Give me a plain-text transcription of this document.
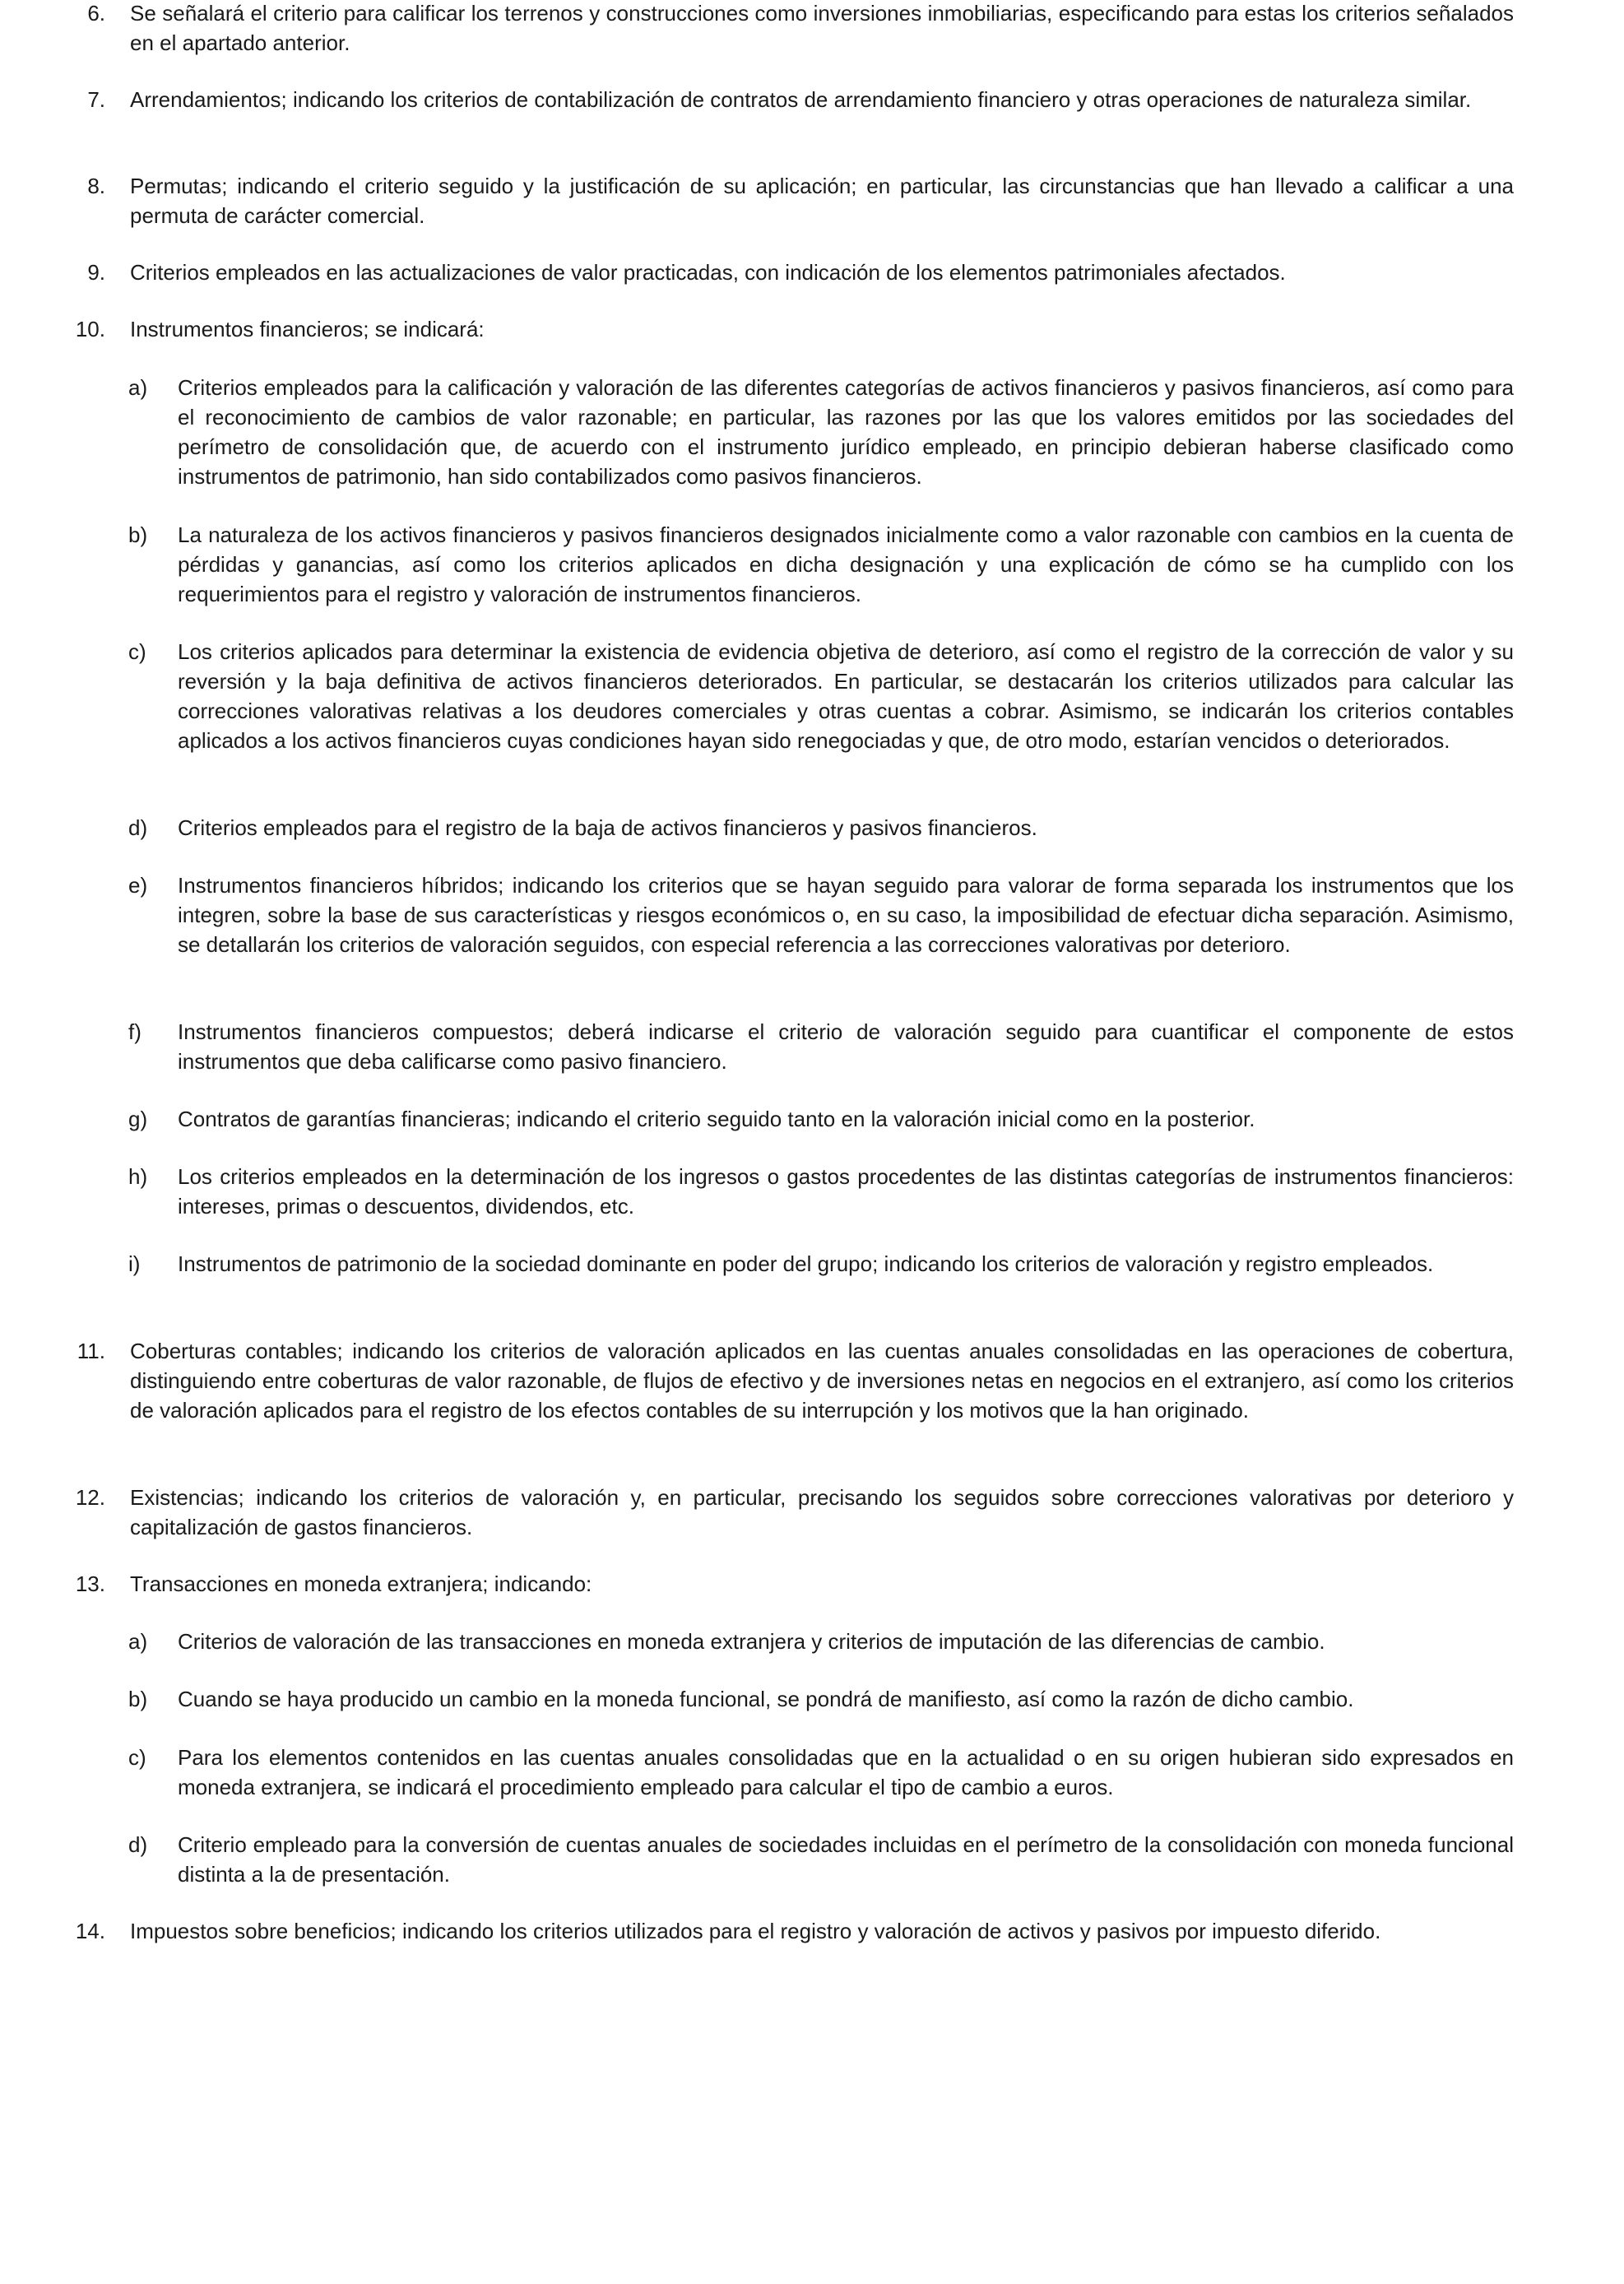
6. Se señalará el criterio para calificar los terrenos y construcciones como inversiones inmobiliarias, especificando para estas los criterios señalados en el apartado anterior.
7. Arrendamientos; indicando los criterios de contabilización de contratos de arrendamiento financiero y otras operaciones de naturaleza similar.
8. Permutas; indicando el criterio seguido y la justificación de su aplicación; en particular, las circunstancias que han llevado a calificar a una permuta de carácter comercial.
9. Criterios empleados en las actualizaciones de valor practicadas, con indicación de los elementos patrimoniales afectados.
10. Instrumentos financieros; se indicará:
a) Criterios empleados para la calificación y valoración de las diferentes categorías de activos financieros y pasivos financieros, así como para el reconocimiento de cambios de valor razonable; en particular, las razones por las que los valores emitidos por las sociedades del perímetro de consolidación que, de acuerdo con el instrumento jurídico empleado, en principio debieran haberse clasificado como instrumentos de patrimonio, han sido contabilizados como pasivos financieros.
b) La naturaleza de los activos financieros y pasivos financieros designados inicialmente como a valor razonable con cambios en la cuenta de pérdidas y ganancias, así como los criterios aplicados en dicha designación y una explicación de cómo se ha cumplido con los requerimientos para el registro y valoración de instrumentos financieros.
c) Los criterios aplicados para determinar la existencia de evidencia objetiva de deterioro, así como el registro de la corrección de valor y su reversión y la baja definitiva de activos financieros deteriorados. En particular, se destacarán los criterios utilizados para calcular las correcciones valorativas relativas a los deudores comerciales y otras cuentas a cobrar. Asimismo, se indicarán los criterios contables aplicados a los activos financieros cuyas condiciones hayan sido renegociadas y que, de otro modo, estarían vencidos o deteriorados.
d) Criterios empleados para el registro de la baja de activos financieros y pasivos financieros.
e) Instrumentos financieros híbridos; indicando los criterios que se hayan seguido para valorar de forma separada los instrumentos que los integren, sobre la base de sus características y riesgos económicos o, en su caso, la imposibilidad de efectuar dicha separación. Asimismo, se detallarán los criterios de valoración seguidos, con especial referencia a las correcciones valorativas por deterioro.
f) Instrumentos financieros compuestos; deberá indicarse el criterio de valoración seguido para cuantificar el componente de estos instrumentos que deba calificarse como pasivo financiero.
g) Contratos de garantías financieras; indicando el criterio seguido tanto en la valoración inicial como en la posterior.
h) Los criterios empleados en la determinación de los ingresos o gastos procedentes de las distintas categorías de instrumentos financieros: intereses, primas o descuentos, dividendos, etc.
i) Instrumentos de patrimonio de la sociedad dominante en poder del grupo; indicando los criterios de valoración y registro empleados.
11. Coberturas contables; indicando los criterios de valoración aplicados en las cuentas anuales consolidadas en las operaciones de cobertura, distinguiendo entre coberturas de valor razonable, de flujos de efectivo y de inversiones netas en negocios en el extranjero, así como los criterios de valoración aplicados para el registro de los efectos contables de su interrupción y los motivos que la han originado.
12. Existencias; indicando los criterios de valoración y, en particular, precisando los seguidos sobre correcciones valorativas por deterioro y capitalización de gastos financieros.
13. Transacciones en moneda extranjera; indicando:
a) Criterios de valoración de las transacciones en moneda extranjera y criterios de imputación de las diferencias de cambio.
b) Cuando se haya producido un cambio en la moneda funcional, se pondrá de manifiesto, así como la razón de dicho cambio.
c) Para los elementos contenidos en las cuentas anuales consolidadas que en la actualidad o en su origen hubieran sido expresados en moneda extranjera, se indicará el procedimiento empleado para calcular el tipo de cambio a euros.
d) Criterio empleado para la conversión de cuentas anuales de sociedades incluidas en el perímetro de la consolidación con moneda funcional distinta a la de presentación.
14. Impuestos sobre beneficios; indicando los criterios utilizados para el registro y valoración de activos y pasivos por impuesto diferido.
